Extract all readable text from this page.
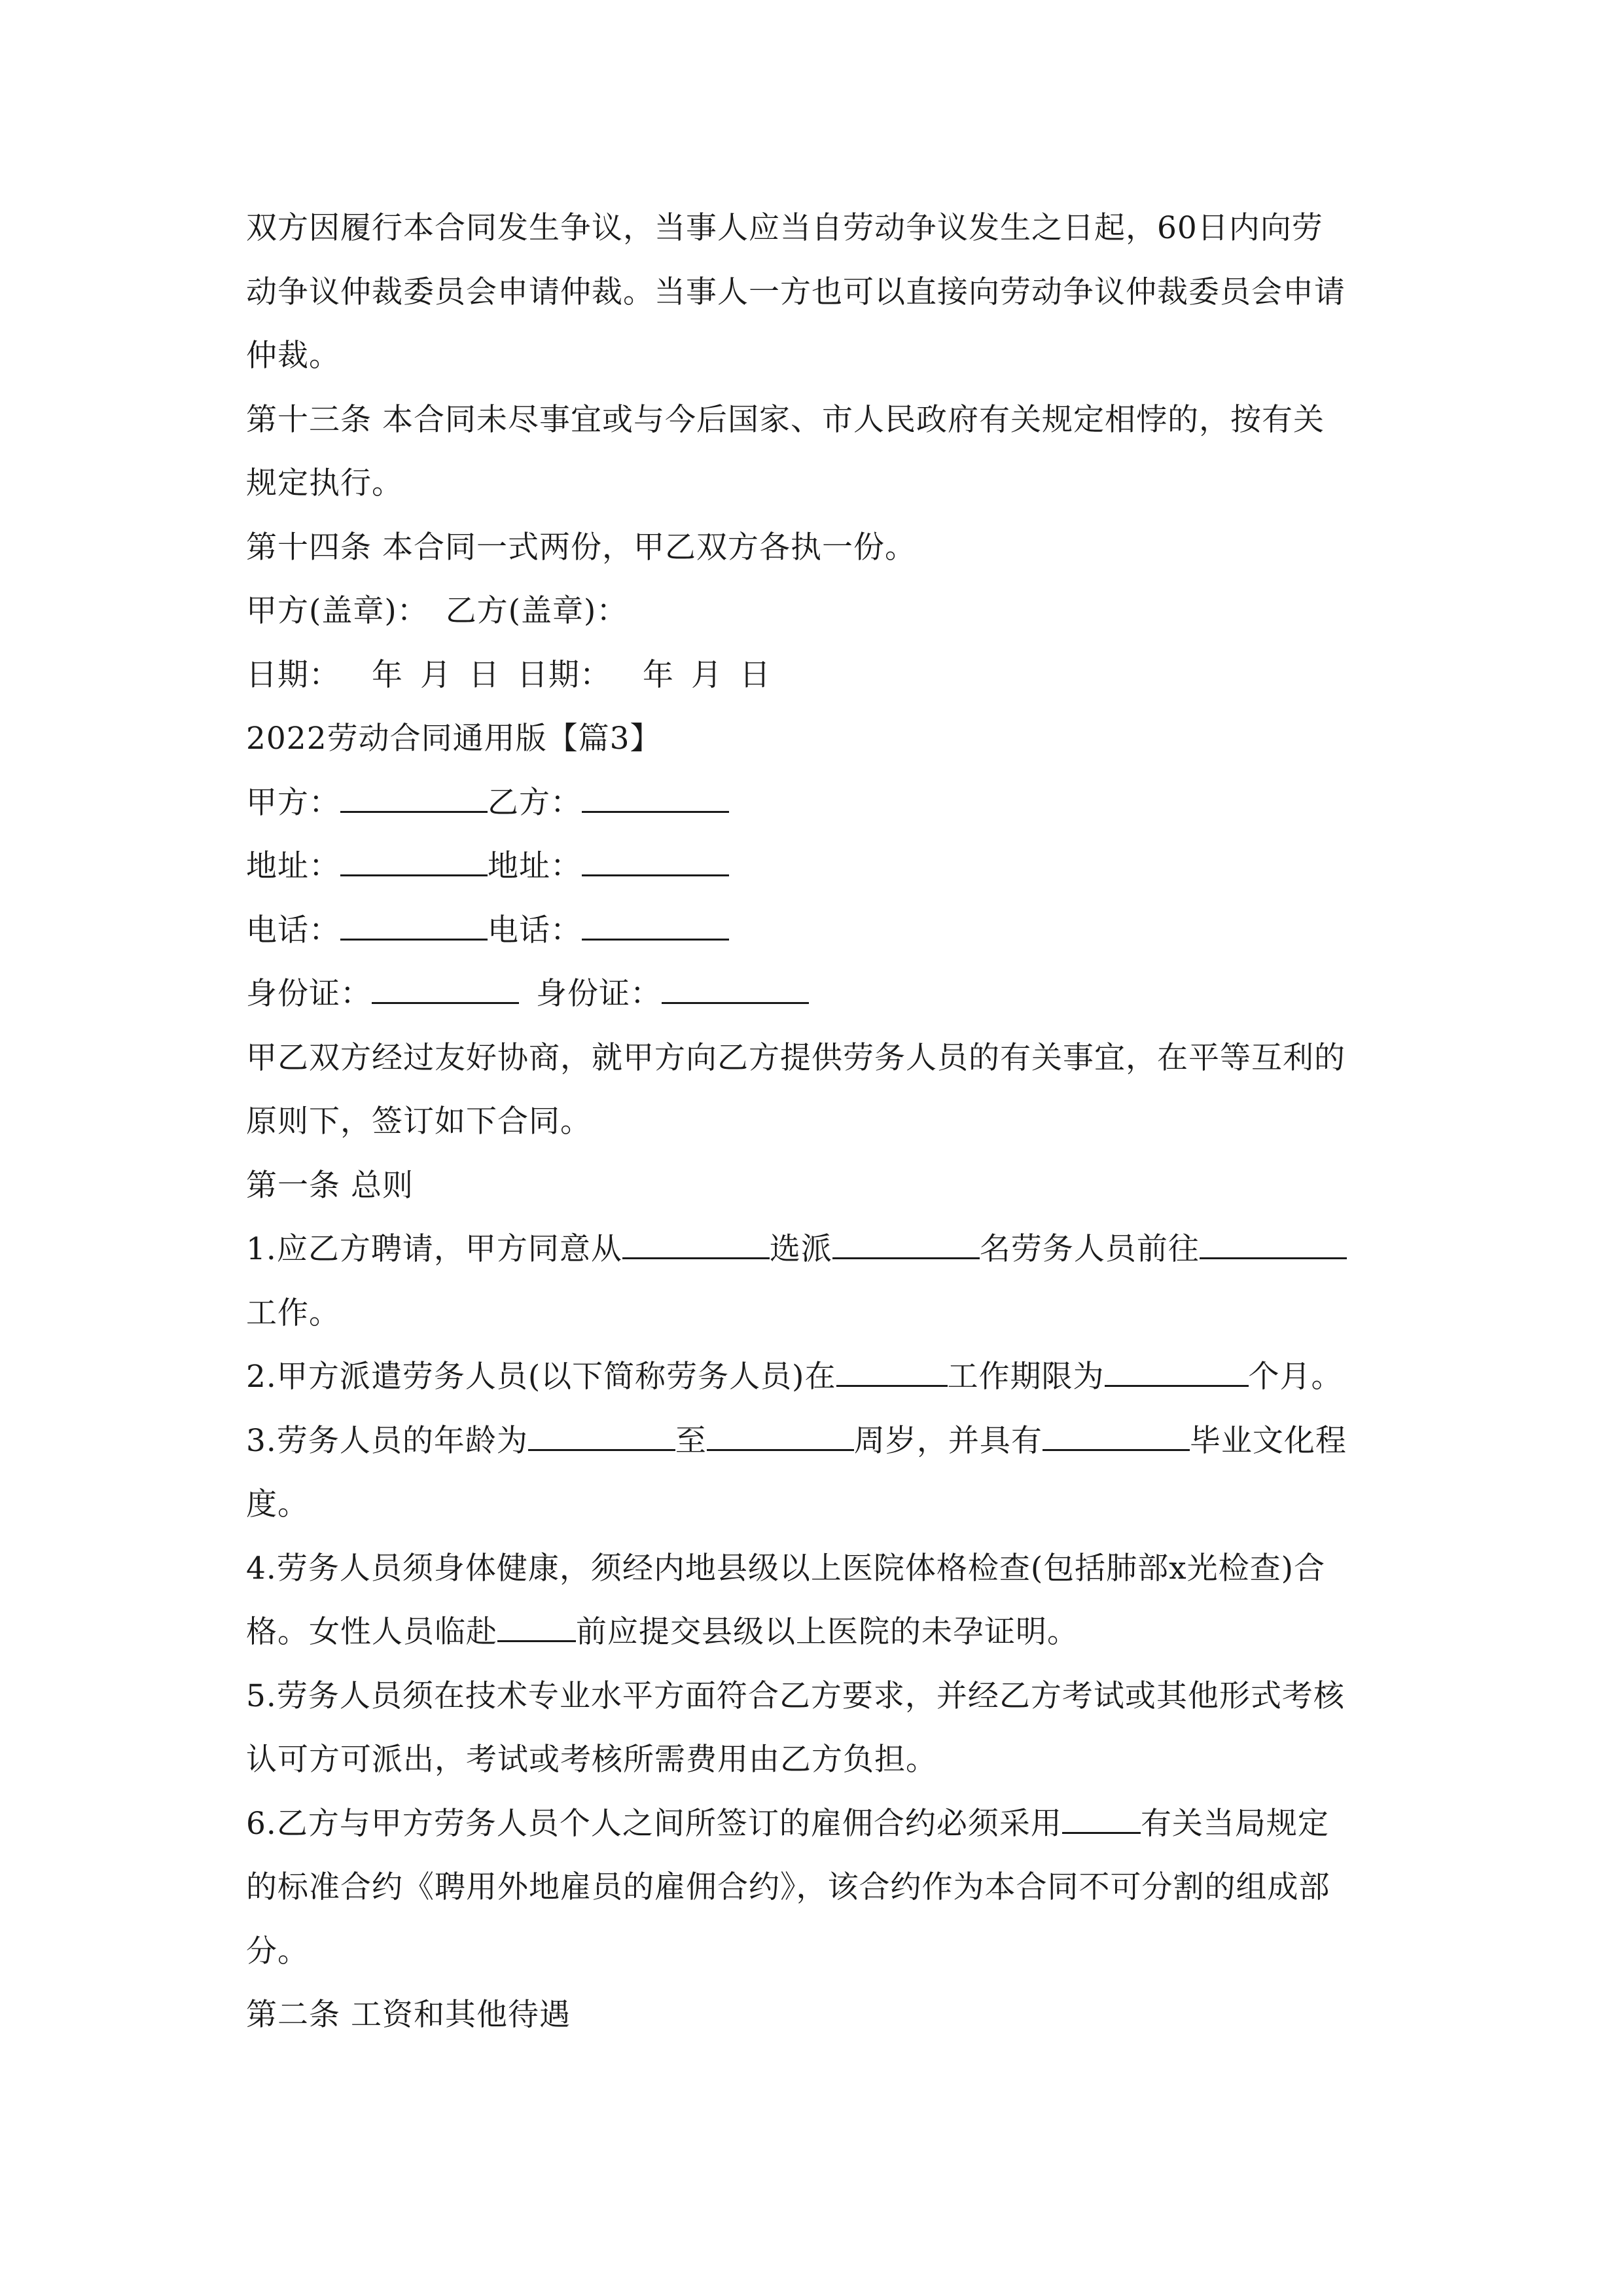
双方因履行本合同发生争议，当事人应当自劳动争议发生之日起，60日内向劳
动争议仲裁委员会申请仲裁。当事人一方也可以直接向劳动争议仲裁委员会申请
仲裁。
第十三条 本合同未尽事宜或与今后国家、市人民政府有关规定相悖的，按有关
规定执行。
第十四条 本合同一式两份，甲乙双方各执一份。
甲方(盖章)： 乙方(盖章)：
日期： 年 月 日 日期： 年 月 日
2022劳动合同通用版【篇3】
甲方：	乙方：
地址：	地址：
电话：	电话：
身份证：	身份证：
甲乙双方经过友好协商，就甲方向乙方提供劳务人员的有关事宜，在平等互利的
原则下，签订如下合同。
第一条 总则
1.应乙方聘请，甲方同意从	选派	名劳务人员前往
工作。
2.甲方派遣劳务人员(以下简称劳务人员)在	工作期限为	个月。
3.劳务人员的年龄为	至	周岁，并具有	毕业文化程
度。
4.劳务人员须身体健康，须经内地县级以上医院体格检查(包括肺部x光检查)合
格。女性人员临赴	前应提交县级以上医院的未孕证明。
5.劳务人员须在技术专业水平方面符合乙方要求，并经乙方考试或其他形式考核
认可方可派出，考试或考核所需费用由乙方负担。
6.乙方与甲方劳务人员个人之间所签订的雇佣合约必须采用	有关当局规定
的标准合约《聘用外地雇员的雇佣合约》，该合约作为本合同不可分割的组成部
分。
第二条 工资和其他待遇
